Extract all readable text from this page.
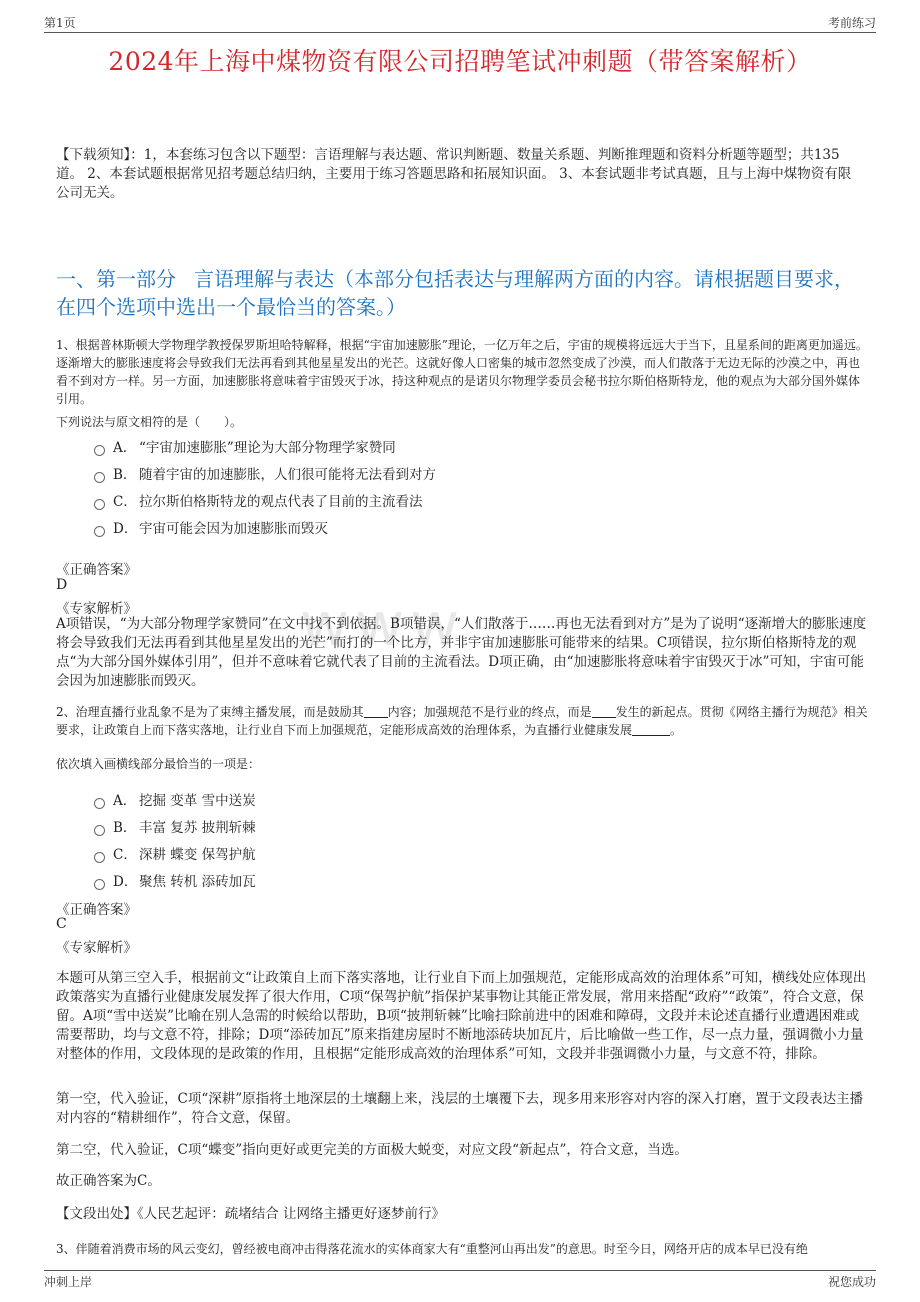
第1页	考前练习
2024年上海中煤物资有限公司招聘笔试冲刺题（带答案解析）
【下载须知】：1，本套练习包含以下题型：言语理解与表达题、常识判断题、数量关系题、判断推理题和资料分析题等题型；共135道。 2、本套试题根据常见招考题总结归纳，主要用于练习答题思路和拓展知识面。 3、本套试题非考试真题，且与上海中煤物资有限公司无关。
一、第一部分 言语理解与表达（本部分包括表达与理解两方面的内容。请根据题目要求，在四个选项中选出一个最恰当的答案。）
1、根据普林斯顿大学物理学教授保罗斯坦哈特解释，根据“宇宙加速膨胀”理论，一亿万年之后，宇宙的规模将远远大于当下，且星系间的距离更加遥远。逐渐增大的膨胀速度将会导致我们无法再看到其他星星发出的光芒。这就好像人口密集的城市忽然变成了沙漠，而人们散落于无边无际的沙漠之中，再也看不到对方一样。另一方面，加速膨胀将意味着宇宙毁灭于冰，持这种观点的是诺贝尔物理学委员会秘书拉尔斯伯格斯特龙，他的观点为大部分国外媒体引用。
下列说法与原文相符的是（　　）。
A． “宇宙加速膨胀”理论为大部分物理学家赞同
B． 随着宇宙的加速膨胀，人们很可能将无法看到对方
C． 拉尔斯伯格斯特龙的观点代表了目前的主流看法
D． 宇宙可能会因为加速膨胀而毁灭
《正确答案》
D
《专家解析》
A项错误，“为大部分物理学家赞同”在文中找不到依据。B项错误，“人们散落于……再也无法看到对方”是为了说明“逐渐增大的膨胀速度将会导致我们无法再看到其他星星发出的光芒”而打的一个比方，并非宇宙加速膨胀可能带来的结果。C项错误，拉尔斯伯格斯特龙的观点“为大部分国外媒体引用”，但并不意味着它就代表了目前的主流看法。D项正确，由“加速膨胀将意味着宇宙毁灭于冰”可知，宇宙可能会因为加速膨胀而毁灭。
www
2、治理直播行业乱象不是为了束缚主播发展，而是鼓励其 内容；加强规范不是行业的终点，而是 发生的新起点。贯彻《网络主播行为规范》相关要求，让政策自上而下落实落地，让行业自下而上加强规范，定能形成高效的治理体系，为直播行业健康发展	。
依次填入画横线部分最恰当的一项是：
A． 挖掘 变革 雪中送炭
B． 丰富 复苏 披荆斩棘
C． 深耕 蝶变 保驾护航
D． 聚焦 转机 添砖加瓦
《正确答案》
C
《专家解析》
本题可从第三空入手，根据前文“让政策自上而下落实落地，让行业自下而上加强规范，定能形成高效的治理体系”可知，横线处应体现出政策落实为直播行业健康发展发挥了很大作用，C项“保驾护航”指保护某事物让其能正常发展，常用来搭配“政府”“政策”，符合文意，保留。A项“雪中送炭”比喻在别人急需的时候给以帮助，B项“披荆斩棘”比喻扫除前进中的困难和障碍，文段并未论述直播行业遭遇困难或需要帮助，均与文意不符，排除；D项“添砖加瓦”原来指建房屋时不断地添砖块加瓦片，后比喻做一些工作，尽一点力量，强调微小力量对整体的作用，文段体现的是政策的作用，且根据“定能形成高效的治理体系”可知，文段并非强调微小力量，与文意不符，排除。
第一空，代入验证，C项“深耕”原指将土地深层的土壤翻上来，浅层的土壤覆下去，现多用来形容对内容的深入打磨，置于文段表达主播对内容的“精耕细作”，符合文意，保留。
第二空，代入验证，C项“蝶变”指向更好或更完美的方面极大蜕变，对应文段“新起点”，符合文意，当选。
故正确答案为C。
【文段出处】《人民艺起评：疏堵结合 让网络主播更好逐梦前行》
3、伴随着消费市场的风云变幻，曾经被电商冲击得落花流水的实体商家大有“重整河山再出发”的意思。时至今日，网络开店的成本早已没有绝
冲刺上岸	祝您成功
